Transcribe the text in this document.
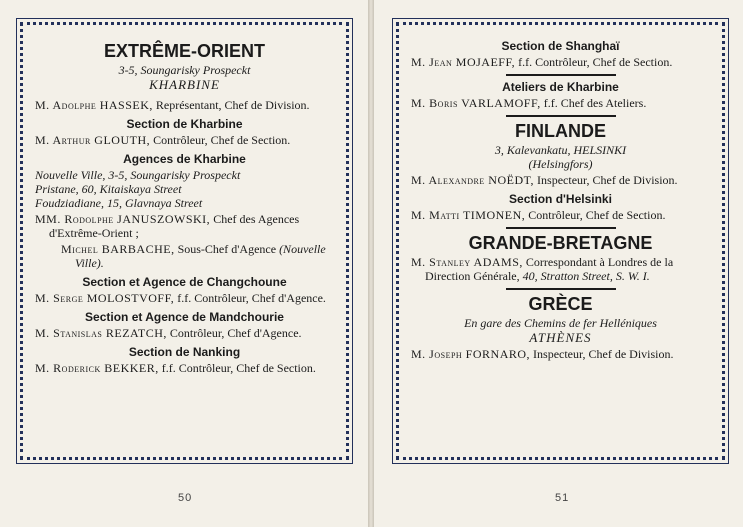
EXTRÊME-ORIENT
3-5, Soungarisky Prospeckt
KHARBINE
M. Adolphe HASSEK, Représentant, Chef de Division.
Section de Kharbine
M. Arthur GLOUTH, Contrôleur, Chef de Section.
Agences de Kharbine
Nouvelle Ville, 3-5, Soungarisky Prospeckt
Pristane, 60, Kitaiskaya Street
Foudziadiane, 15, Glavnaya Street
MM. Rodolphe JANUSZOWSKI, Chef des Agences d'Extrême-Orient ;
Michel BARBACHE, Sous-Chef d'Agence (Nouvelle Ville).
Section et Agence de Changchoune
M. Serge MOLOSTVOFF, f.f. Contrôleur, Chef d'Agence.
Section et Agence de Mandchourie
M. Stanislas REZATCH, Contrôleur, Chef d'Agence.
Section de Nanking
M. Roderick BEKKER, f.f. Contrôleur, Chef de Section.
50
Section de Shanghaï
M. Jean MOJAEFF, f.f. Contrôleur, Chef de Section.
Ateliers de Kharbine
M. Boris VARLAMOFF, f.f. Chef des Ateliers.
FINLANDE
3, Kalevankatu, HELSINKI
(Helsingfors)
M. Alexandre NOËDT, Inspecteur, Chef de Division.
Section d'Helsinki
M. Matti TIMONEN, Contrôleur, Chef de Section.
GRANDE-BRETAGNE
M. Stanley ADAMS, Correspondant à Londres de la Direction Générale, 40, Stratton Street, S. W. I.
GRÈCE
En gare des Chemins de fer Helléniques
ATHÈNES
M. Joseph FORNARO, Inspecteur, Chef de Division.
51
